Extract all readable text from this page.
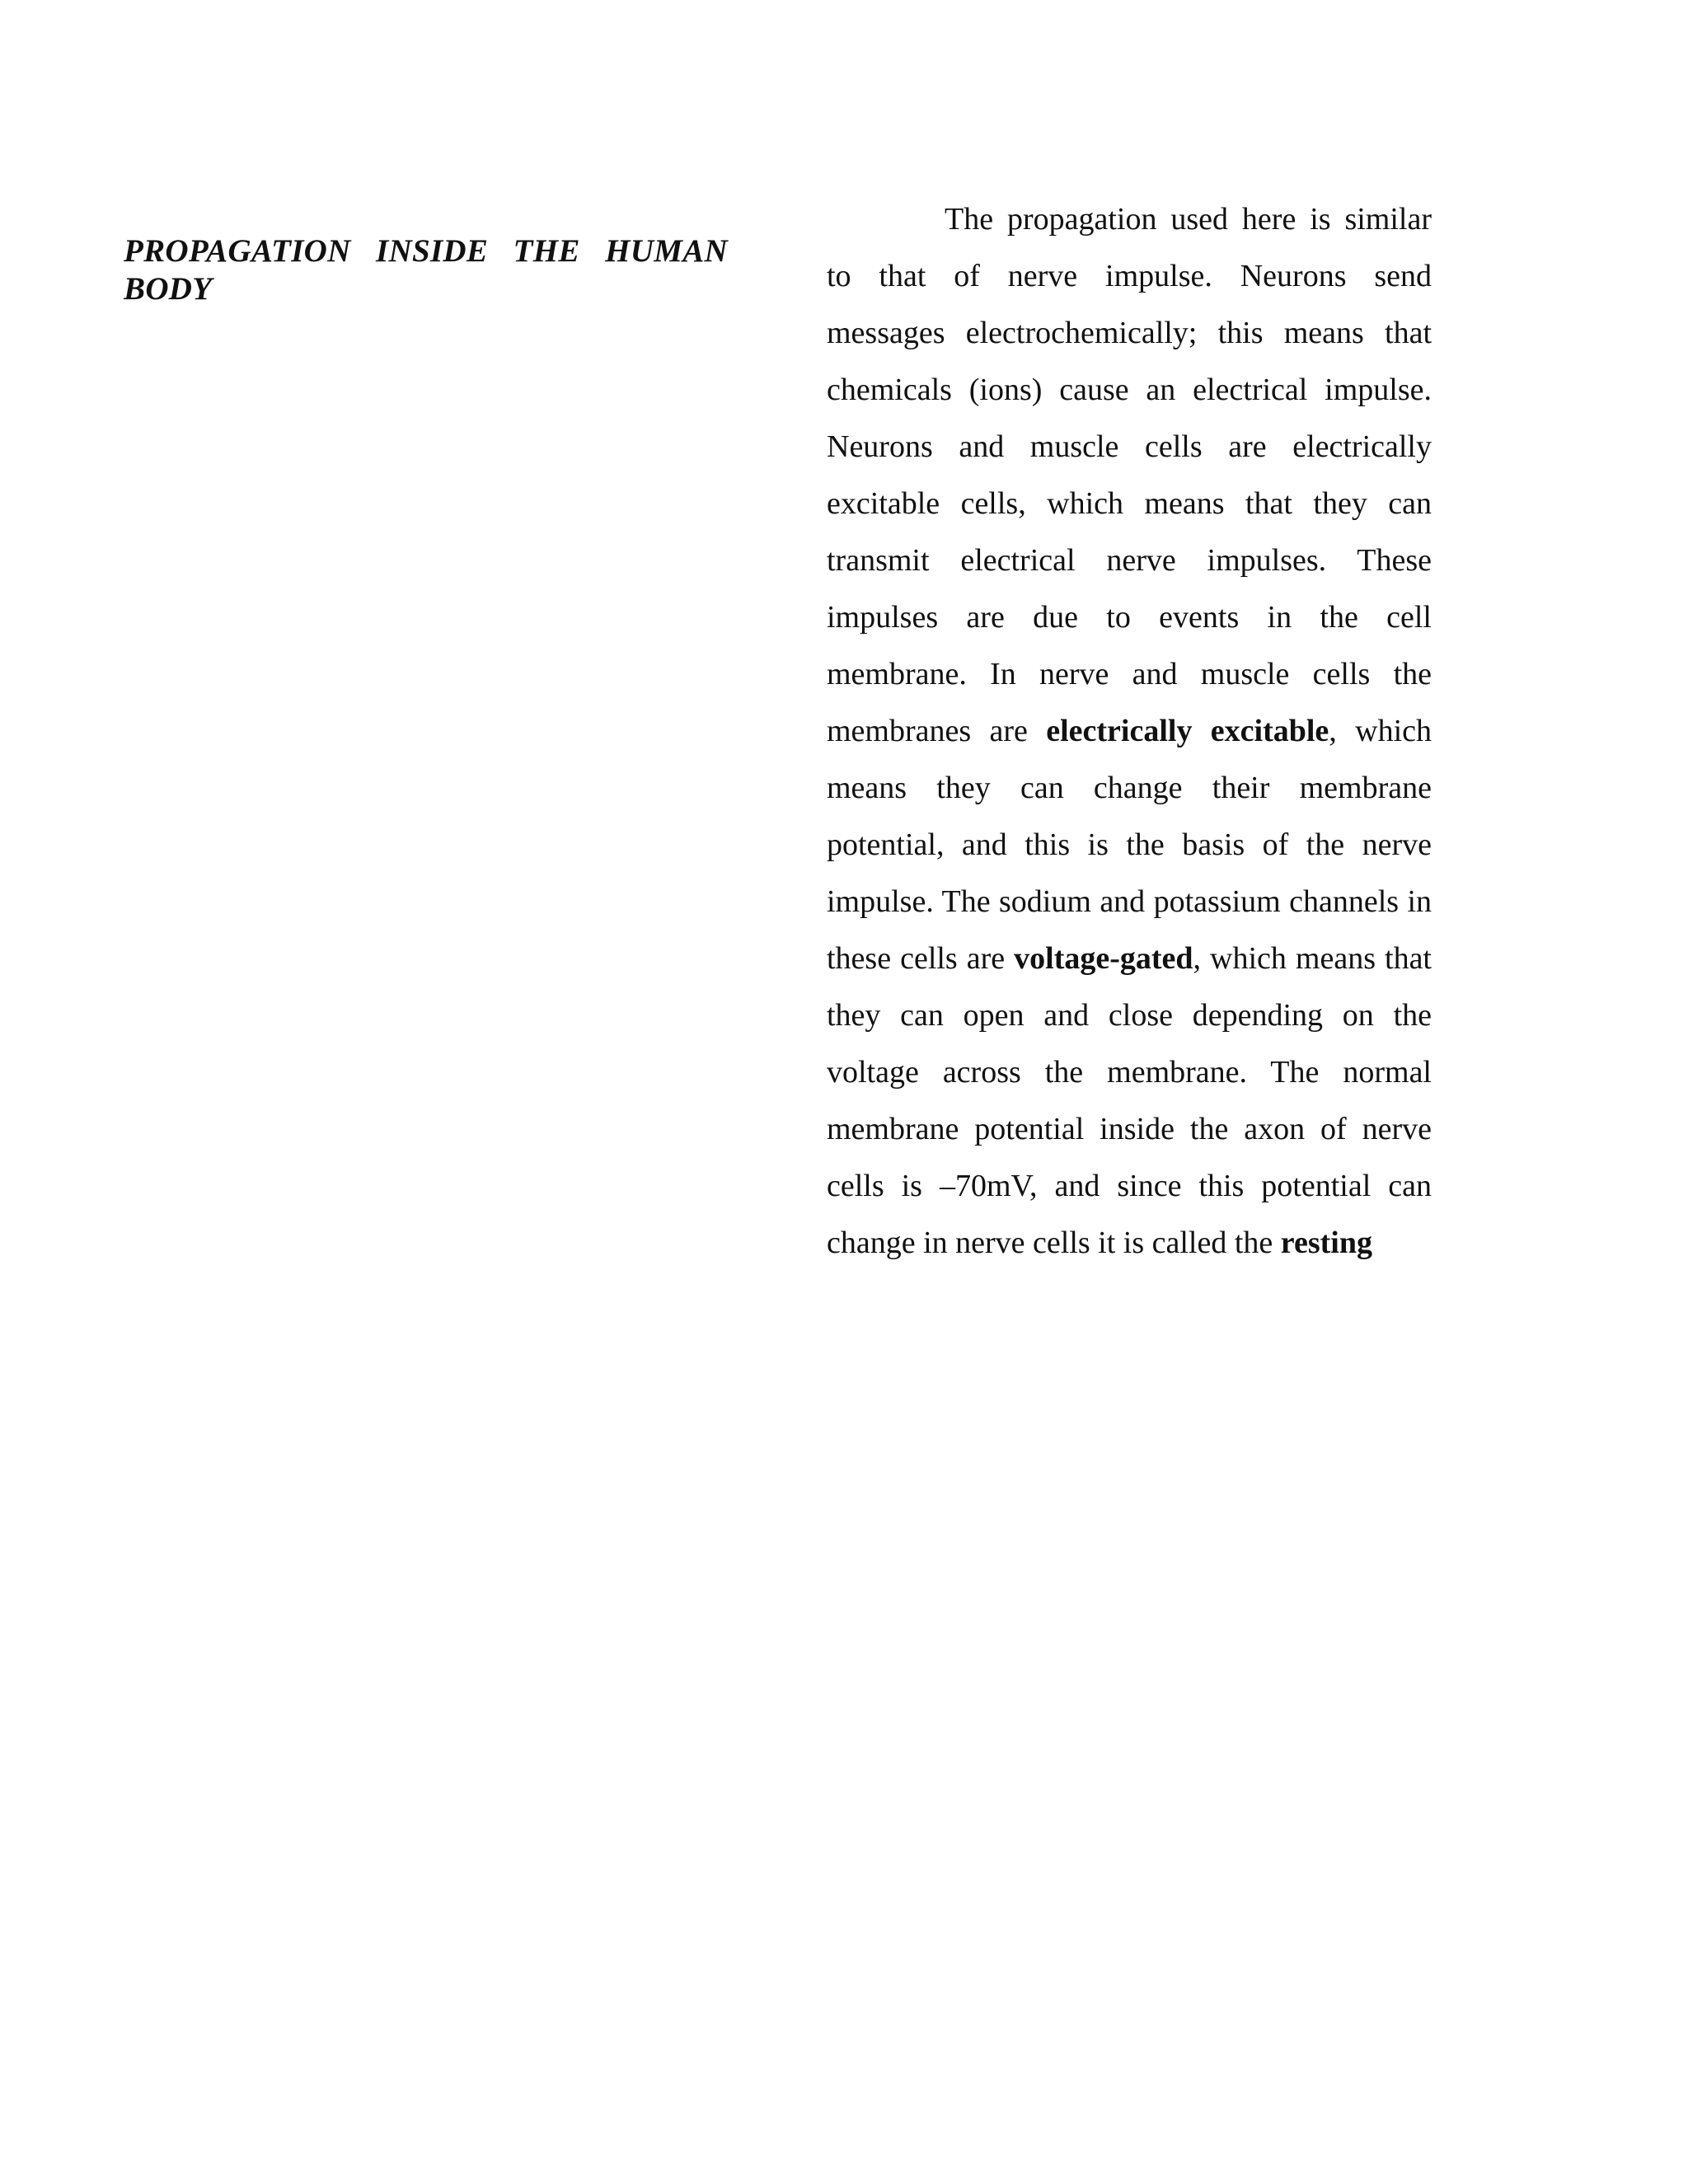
PROPAGATION INSIDE THE HUMAN BODY

The propagation used here is similar to that of nerve impulse. Neurons send messages electrochemically; this means that chemicals (ions) cause an electrical impulse. Neurons and muscle cells are electrically excitable cells, which means that they can transmit electrical nerve impulses. These impulses are due to events in the cell membrane. In nerve and muscle cells the membranes are electrically excitable, which means they can change their membrane potential, and this is the basis of the nerve impulse. The sodium and potassium channels in these cells are voltage-gated, which means that they can open and close depending on the voltage across the membrane. The normal membrane potential inside the axon of nerve cells is –70mV, and since this potential can change in nerve cells it is called the resting
